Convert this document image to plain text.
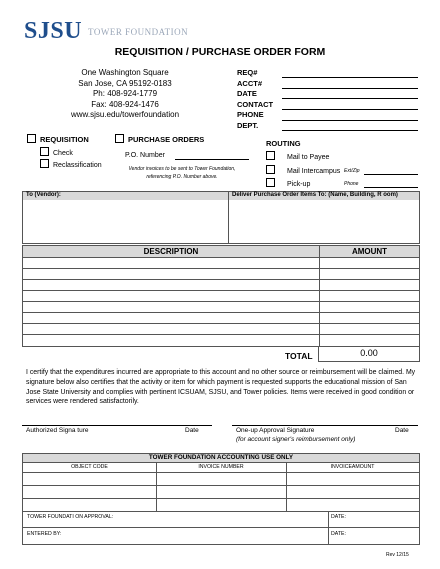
SJSU TOWER FOUNDATION
REQUISITION / PURCHASE ORDER FORM
One Washington Square
San Jose, CA 95192-0183
Ph: 408-924-1779
Fax: 408-924-1476
www.sjsu.edu/towerfoundation
REQ#
ACCT#
DATE
CONTACT
PHONE
DEPT.
REQUISITION
Check
Reclassification
PURCHASE ORDERS
P.O. Number
Vendor invoices to be sent to Tower Foundation,
referencing P.O. Number above.
ROUTING
Mail to Payee
Mail Intercampus Ext/Zip
Pick-up	Phone
To (Vendor):	Deliver Purchase Order Items To: (Name, Building, R oom)
DESCRIPTION	AMOUNT
TOTAL	0.00
I certify that the expenditures incurred are appropriate to this account and no other source or reimbursement will be claimed. My signature below also certifies that the activity or item for which payment is requested supports the educational mission of San Jose State University and complies with pertinent ICSUAM, SJSU, and Tower policies. Items were received in good condition or services were rendered satisfactorily.
Authorized Signa ture	Date	One-up Approval Signature	Date
(for account signer's reimbursement only)
TOWER FOUNDATION ACCOUNTING USE ONLY
OBJECT CODE	INVOICE NUMBER	INVOICEAMOUNT
TOWER FOUNDATI ON APPROVAL:	DATE:
ENTERED BY:	DATE:
Rev 12/15
